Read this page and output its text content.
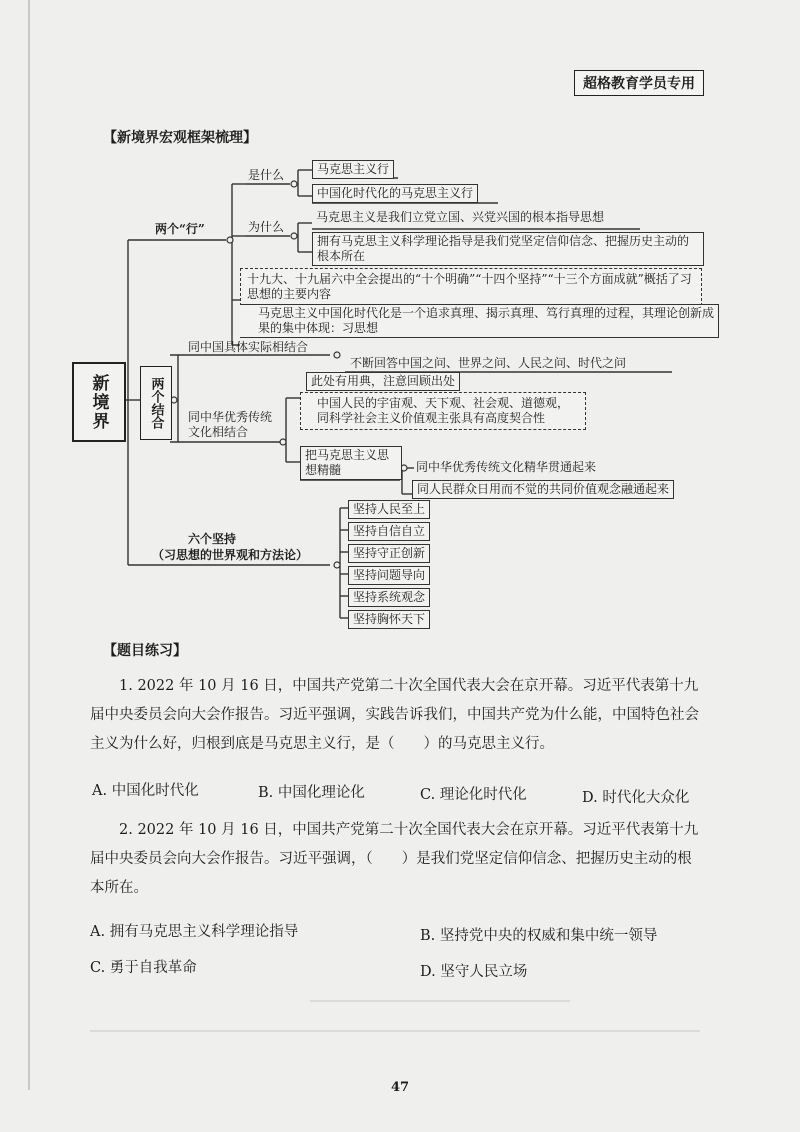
超格教育学员专用
【新境界宏观框架梳理】
新境界
两个“行”
是什么	马克思主义行
中国化时代化的马克思主义行
为什么
马克思主义是我们立党立国、兴党兴国的根本指导思想
拥有马克思主义科学理论指导是我们党坚定信仰信念、把握历史主动的根本所在
十九大、十九届六中全会提出的“十个明确”“十四个坚持”“十三个方面成就”概括了习思想的主要内容
马克思主义中国化时代化是一个追求真理、揭示真理、笃行真理的过程，其理论创新成果的集中体现：习思想
两个结合
同中国具体实际相结合
不断回答中国之问、世界之问、人民之问、时代之问
此处有用典，注意回顾出处
中国人民的宇宙观、天下观、社会观、道德观，同科学社会主义价值观主张具有高度契合性
同中华优秀传统文化相结合
把马克思主义思想精髓	同中华优秀传统文化精华贯通起来
同人民群众日用而不觉的共同价值观念融通起来
六个坚持
（习思想的世界观和方法论）
坚持人民至上
坚持自信自立
坚持守正创新
坚持问题导向
坚持系统观念
坚持胸怀天下
【题目练习】
1. 2022 年 10 月 16 日，中国共产党第二十次全国代表大会在京开幕。习近平代表第十九届中央委员会向大会作报告。习近平强调，实践告诉我们，中国共产党为什么能，中国特色社会主义为什么好，归根到底是马克思主义行，是（　　）的马克思主义行。
A. 中国化时代化	B. 中国化理论化	C. 理论化时代化	D. 时代化大众化
2. 2022 年 10 月 16 日，中国共产党第二十次全国代表大会在京开幕。习近平代表第十九届中央委员会向大会作报告。习近平强调，（　　）是我们党坚定信仰信念、把握历史主动的根本所在。
A. 拥有马克思主义科学理论指导	B. 坚持党中央的权威和集中统一领导
C. 勇于自我革命	D. 坚守人民立场
47
